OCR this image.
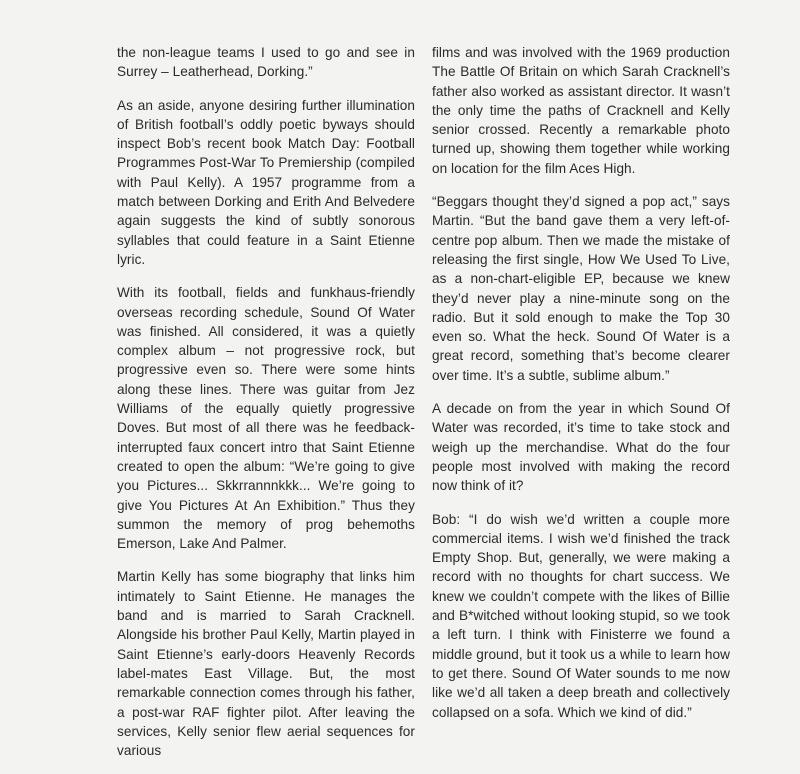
the non-league teams I used to go and see in Surrey – Leatherhead, Dorking.”

As an aside, anyone desiring further illumination of British football’s oddly poetic byways should inspect Bob’s recent book Match Day: Football Programmes Post-War To Premiership (compiled with Paul Kelly). A 1957 programme from a match between Dorking and Erith And Belvedere again suggests the kind of subtly sonorous syllables that could feature in a Saint Etienne lyric.

With its football, fields and funkhaus-friendly overseas recording schedule, Sound Of Water was finished. All considered, it was a quietly complex album – not progressive rock, but progressive even so. There were some hints along these lines. There was guitar from Jez Williams of the equally quietly progressive Doves. But most of all there was he feedback-interrupted faux concert intro that Saint Etienne created to open the album: “We’re going to give you Pictures... Skkrrannnkkk... We’re going to give You Pictures At An Exhibition.” Thus they summon the memory of prog behemoths Emerson, Lake And Palmer.

Martin Kelly has some biography that links him intimately to Saint Etienne. He manages the band and is married to Sarah Cracknell. Alongside his brother Paul Kelly, Martin played in Saint Etienne’s early-doors Heavenly Records label-mates East Village. But, the most remarkable connection comes through his father, a post-war RAF fighter pilot. After leaving the services, Kelly senior flew aerial sequences for various

films and was involved with the 1969 production The Battle Of Britain on which Sarah Cracknell’s father also worked as assistant director. It wasn’t the only time the paths of Cracknell and Kelly senior crossed. Recently a remarkable photo turned up, showing them together while working on location for the film Aces High.

“Beggars thought they’d signed a pop act,” says Martin. “But the band gave them a very left-of-centre pop album. Then we made the mistake of releasing the first single, How We Used To Live, as a non-chart-eligible EP, because we knew they’d never play a nine-minute song on the radio. But it sold enough to make the Top 30 even so. What the heck. Sound Of Water is a great record, something that’s become clearer over time. It’s a subtle, sublime album.”

A decade on from the year in which Sound Of Water was recorded, it’s time to take stock and weigh up the merchandise. What do the four people most involved with making the record now think of it?

Bob: “I do wish we’d written a couple more commercial items. I wish we’d finished the track Empty Shop. But, generally, we were making a record with no thoughts for chart success. We knew we couldn’t compete with the likes of Billie and B*witched without looking stupid, so we took a left turn. I think with Finisterre we found a middle ground, but it took us a while to learn how to get there. Sound Of Water sounds to me now like we’d all taken a deep breath and collectively collapsed on a sofa. Which we kind of did.”
